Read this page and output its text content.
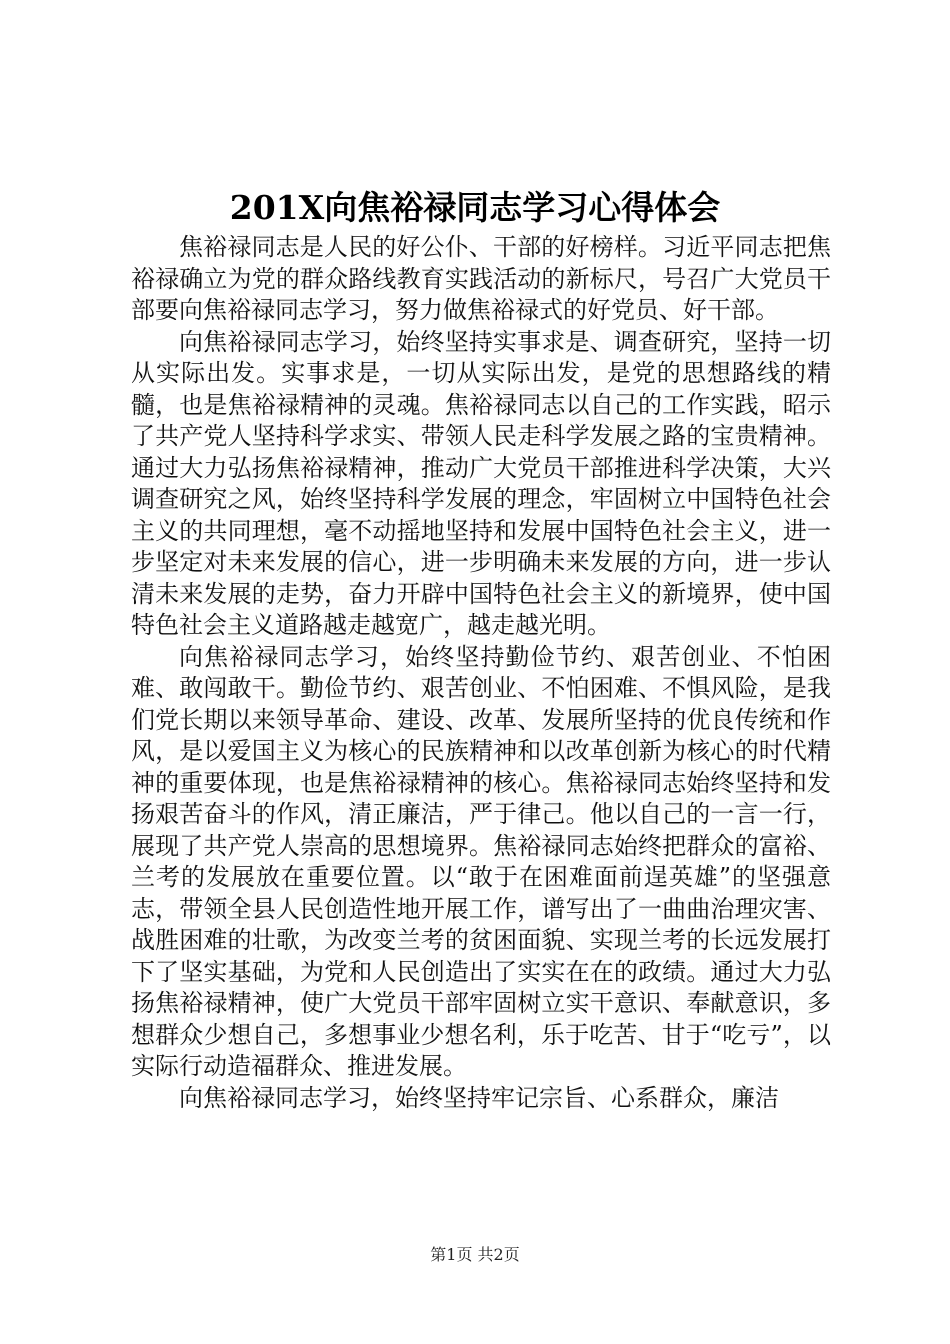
201X向焦裕禄同志学习心得体会

焦裕禄同志是人民的好公仆、干部的好榜样。习近平同志把焦裕禄确立为党的群众路线教育实践活动的新标尺，号召广大党员干部要向焦裕禄同志学习，努力做焦裕禄式的好党员、好干部。

向焦裕禄同志学习，始终坚持实事求是、调查研究，坚持一切从实际出发。实事求是，一切从实际出发，是党的思想路线的精髓，也是焦裕禄精神的灵魂。焦裕禄同志以自己的工作实践，昭示了共产党人坚持科学求实、带领人民走科学发展之路的宝贵精神。通过大力弘扬焦裕禄精神，推动广大党员干部推进科学决策，大兴调查研究之风，始终坚持科学发展的理念，牢固树立中国特色社会主义的共同理想，毫不动摇地坚持和发展中国特色社会主义，进一步坚定对未来发展的信心，进一步明确未来发展的方向，进一步认清未来发展的走势，奋力开辟中国特色社会主义的新境界，使中国特色社会主义道路越走越宽广，越走越光明。

向焦裕禄同志学习，始终坚持勤俭节约、艰苦创业、不怕困难、敢闯敢干。勤俭节约、艰苦创业、不怕困难、不惧风险，是我们党长期以来领导革命、建设、改革、发展所坚持的优良传统和作风，是以爱国主义为核心的民族精神和以改革创新为核心的时代精神的重要体现，也是焦裕禄精神的核心。焦裕禄同志始终坚持和发扬艰苦奋斗的作风，清正廉洁，严于律己。他以自己的一言一行，展现了共产党人崇高的思想境界。焦裕禄同志始终把群众的富裕、兰考的发展放在重要位置。以“敢于在困难面前逞英雄”的坚强意志，带领全县人民创造性地开展工作，谱写出了一曲曲治理灾害、战胜困难的壮歌，为改变兰考的贫困面貌、实现兰考的长远发展打下了坚实基础，为党和人民创造出了实实在在的政绩。通过大力弘扬焦裕禄精神，使广大党员干部牢固树立实干意识、奉献意识，多想群众少想自己，多想事业少想名利，乐于吃苦、甘于“吃亏”，以实际行动造福群众、推进发展。

向焦裕禄同志学习，始终坚持牢记宗旨、心系群众，廉洁

第1页 共2页
